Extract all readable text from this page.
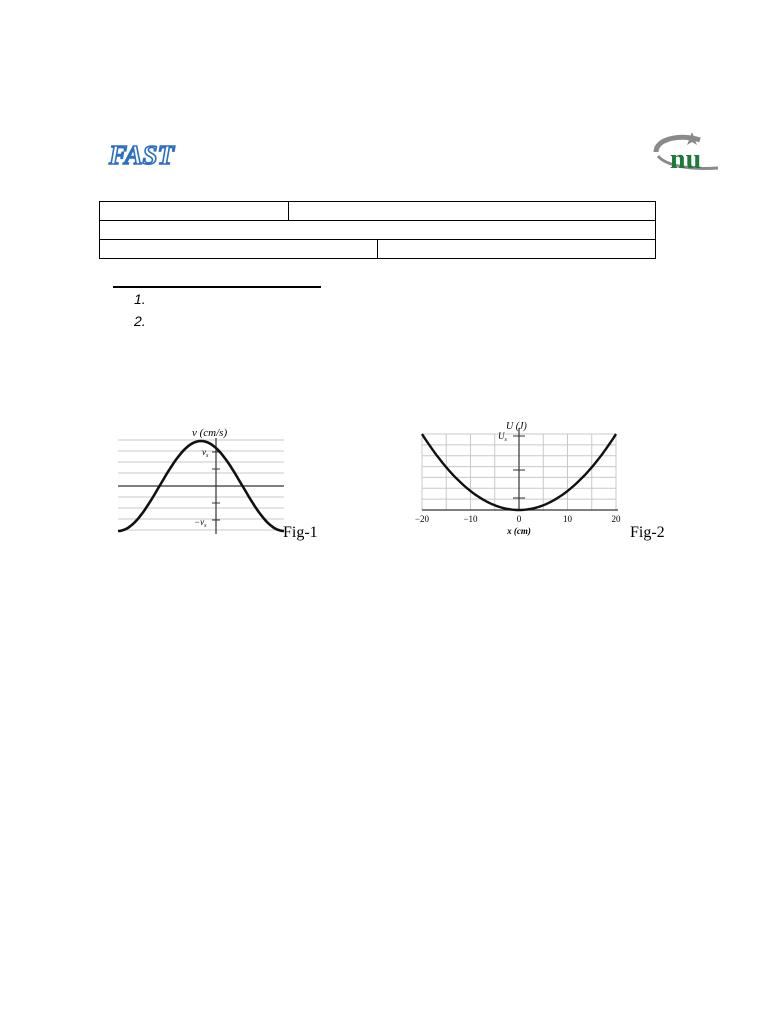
FAST	nu
1.
2.
v (cm/s)
$v_s$
$-v_s$	Fig-1
U (J)
$U_s$
−20	−10	0	10	20
x (cm)	Fig-2
